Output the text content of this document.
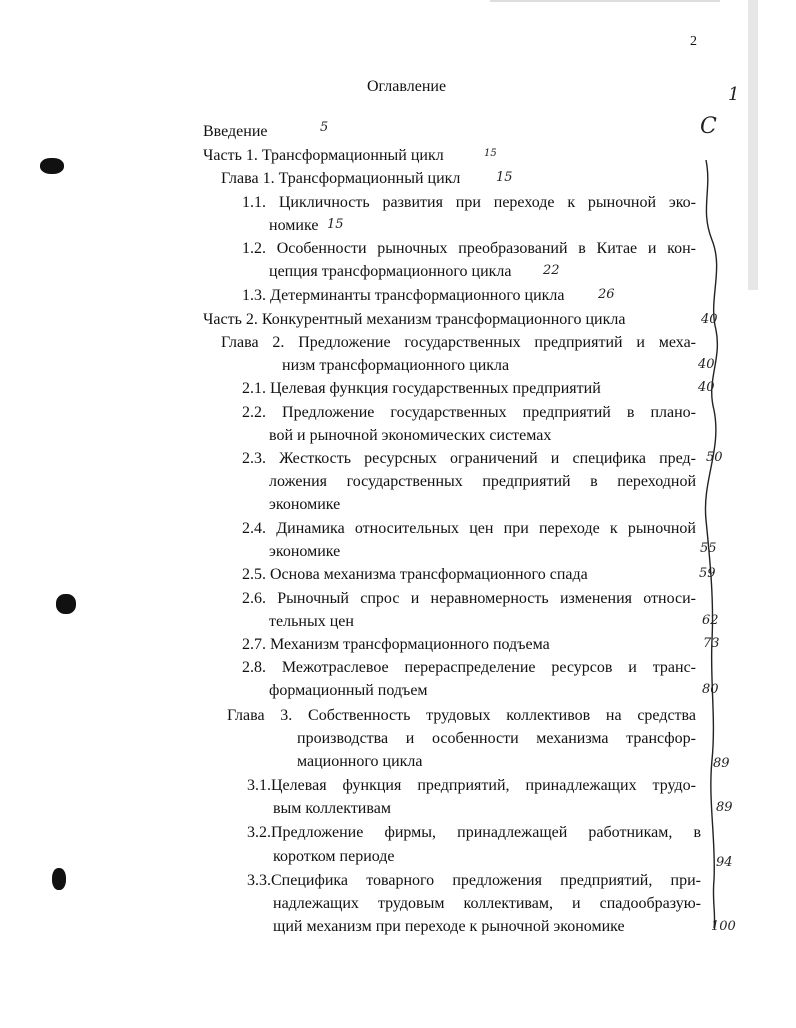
2
Оглавление
Введение
Часть 1. Трансформационный цикл
Глава 1. Трансформационный цикл
1.1. Цикличность развития при переходе к рыночной эко-
номике
1.2. Особенности рыночных преобразований в Китае и кон-
цепция трансформационного цикла
1.3. Детерминанты трансформационного цикла
Часть 2. Конкурентный механизм трансформационного цикла
Глава 2. Предложение государственных предприятий и меха-
низм трансформационного цикла
2.1. Целевая функция государственных предприятий
2.2. Предложение государственных предприятий в плано-
вой и рыночной экономических системах
2.3. Жесткость ресурсных ограничений и специфика пред-
ложения государственных предприятий в переходной
экономике
2.4. Динамика относительных цен при переходе к рыночной
экономике
2.5. Основа механизма трансформационного спада
2.6. Рыночный спрос и неравномерность изменения относи-
тельных цен
2.7. Механизм трансформационного подъема
2.8. Межотраслевое перераспределение ресурсов и транс-
формационный подъем
Глава 3. Собственность трудовых коллективов на средства
производства и особенности механизма трансфор-
мационного цикла
3.1.Целевая функция предприятий, принадлежащих трудо-
вым коллективам
3.2.Предложение фирмы, принадлежащей работникам, в
коротком периоде
3.3.Специфика товарного предложения предприятий, при-
надлежащих трудовым коллективам, и спадообразую-
щий механизм при переходе к рыночной экономике
5
15
15
15
22
26
40
40
40
50
55
59
62
73
80
89
89
94
100
1
С
